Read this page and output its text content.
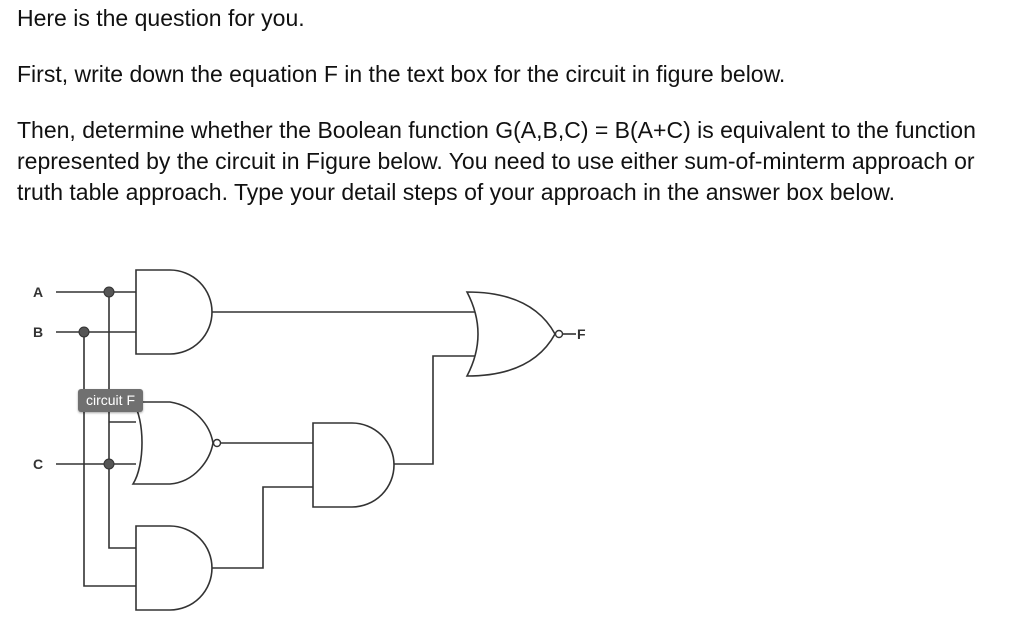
Here is the question for you.

First, write down the equation F in the text box for the circuit in figure below.

Then, determine whether the Boolean function G(A,B,C) = B(A+C) is equivalent to the function represented by the circuit in Figure below. You need to use either sum-of-minterm approach or truth table approach. Type your detail steps of your approach in the answer box below.

A
B
C
F
circuit F
